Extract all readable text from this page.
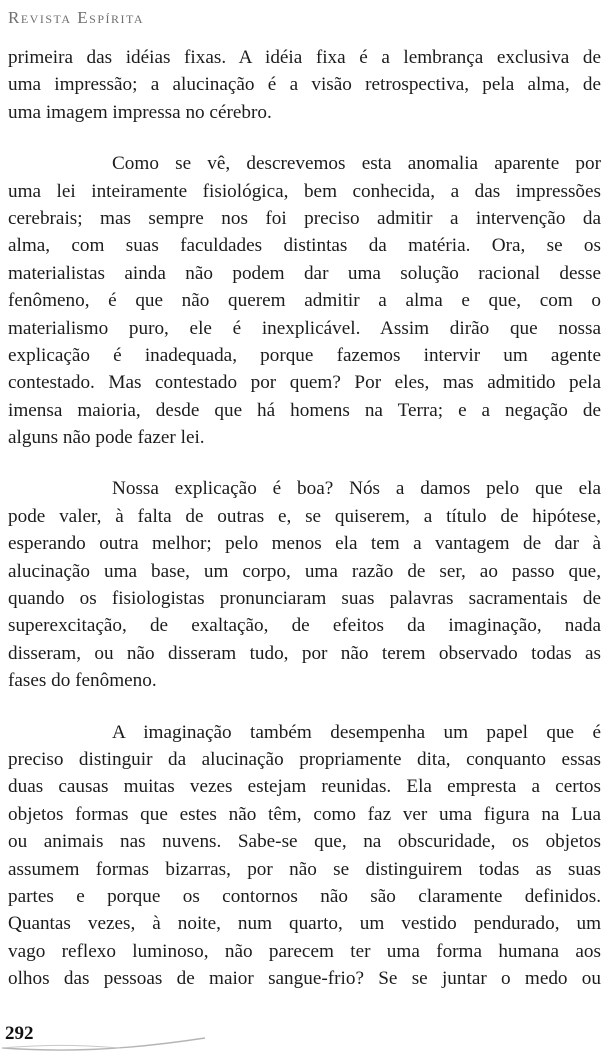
Revista Espírita
primeira das idéias fixas. A idéia fixa é a lembrança exclusiva de
uma impressão; a alucinação é a visão retrospectiva, pela alma, de
uma imagem impressa no cérebro.
Como se vê, descrevemos esta anomalia aparente por
uma lei inteiramente fisiológica, bem conhecida, a das impressões
cerebrais; mas sempre nos foi preciso admitir a intervenção da
alma, com suas faculdades distintas da matéria. Ora, se os
materialistas ainda não podem dar uma solução racional desse
fenômeno, é que não querem admitir a alma e que, com o
materialismo puro, ele é inexplicável. Assim dirão que nossa
explicação é inadequada, porque fazemos intervir um agente
contestado. Mas contestado por quem? Por eles, mas admitido pela
imensa maioria, desde que há homens na Terra; e a negação de
alguns não pode fazer lei.
Nossa explicação é boa? Nós a damos pelo que ela
pode valer, à falta de outras e, se quiserem, a título de hipótese,
esperando outra melhor; pelo menos ela tem a vantagem de dar à
alucinação uma base, um corpo, uma razão de ser, ao passo que,
quando os fisiologistas pronunciaram suas palavras sacramentais de
superexcitação, de exaltação, de efeitos da imaginação, nada
disseram, ou não disseram tudo, por não terem observado todas as
fases do fenômeno.
A imaginação também desempenha um papel que é
preciso distinguir da alucinação propriamente dita, conquanto essas
duas causas muitas vezes estejam reunidas. Ela empresta a certos
objetos formas que estes não têm, como faz ver uma figura na Lua
ou animais nas nuvens. Sabe-se que, na obscuridade, os objetos
assumem formas bizarras, por não se distinguirem todas as suas
partes e porque os contornos não são claramente definidos.
Quantas vezes, à noite, num quarto, um vestido pendurado, um
vago reflexo luminoso, não parecem ter uma forma humana aos
olhos das pessoas de maior sangue-frio? Se se juntar o medo ou
292
